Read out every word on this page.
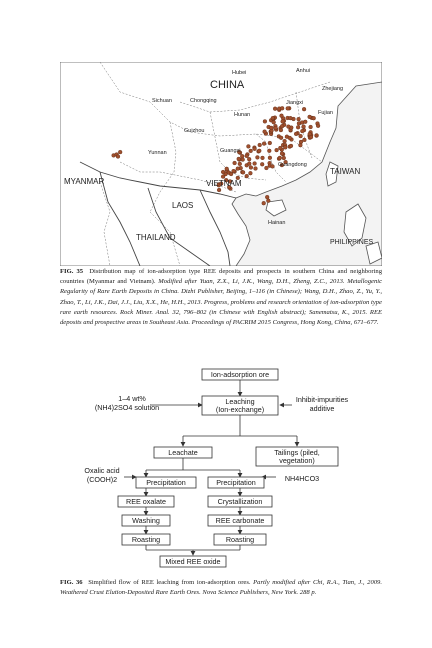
CHINA
Hubei	Anhui
Zhejiang
Jiangxi
Fujian
Sichuan	Chongqing
Hunan
Guizhou
Guangxi
Guangdong
Yunnan
TAIWAN
MYANMAR	VIETNAM
LAOS
Hainan
THAILAND
PHILIPPINES
FIG. 35 Distribution map of ion-adsorption type REE deposits and prospects in southern China and neighboring countries (Myanmar and Vietnam). Modified after Yuan, Z.X., Li, J.K., Wang, D.H., Zheng, Z.C., 2013. Metallogenic Regularity of Rare Earth Deposits in China. Dizhi Publisher, Beijing, 1–116 (in Chinese); Wang, D.H., Zhao, Z., Yu, Y., Zhao, T., Li, J.K., Dai, J.J., Liu, X.X., He, H.H., 2013. Progress, problems and research orientation of ion-adsorption type rare earth resources. Rock Miner. Anal. 32, 796–802 (in Chinese with English abstract); Sanematsu, K., 2015. REE deposits and prospective areas in Southeast Asia. Proceedings of PACRIM 2015 Congress, Hong Kong, China, 671–677.
Ion-adsorption ore
Leaching
(Ion-exchange)
1–4 wt%
(NH4)2SO4 solution
Inhibit-impurities
additive
Leachate	Tailings (piled,
vegetation)
Oxalic acid
(COOH)2	Precipitation	Precipitation	NH4HCO3
REE oxalate	Crystallization
Washing	REE carbonate
Roasting	Roasting
Mixed REE oxide
FIG. 36 Simplified flow of REE leaching from ion-adsorption ores. Partly modified after Chi, R.A., Tian, J., 2009. Weathered Crust Elution-Deposited Rare Earth Ores. Nova Science Publishers, New York. 288 p.
